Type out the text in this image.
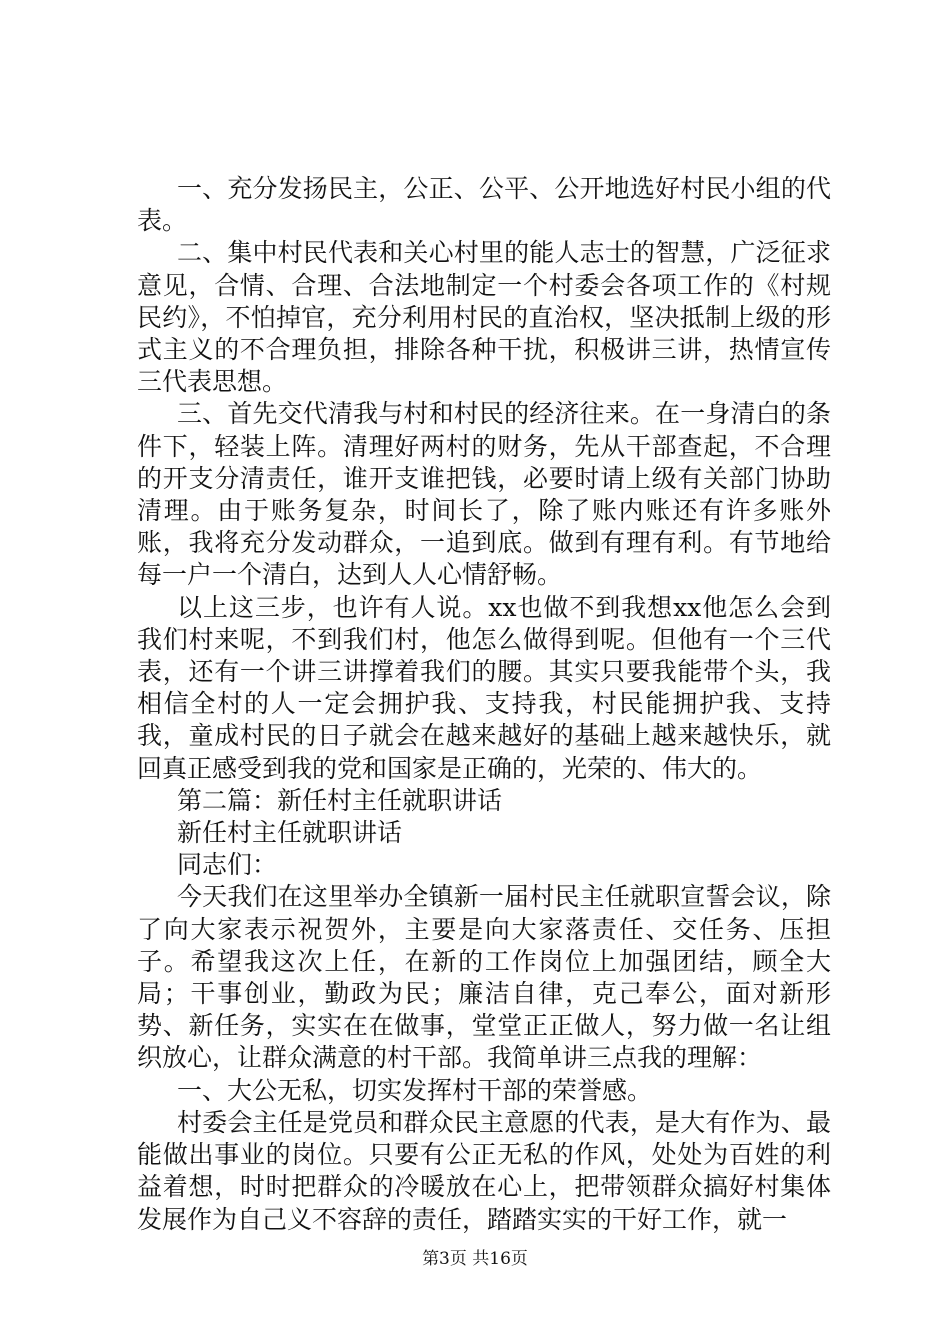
一、充分发扬民主，公正、公平、公开地选好村民小组的代表。

二、集中村民代表和关心村里的能人志士的智慧，广泛征求意见，合情、合理、合法地制定一个村委会各项工作的《村规民约》，不怕掉官，充分利用村民的直治权，坚决抵制上级的形式主义的不合理负担，排除各种干扰，积极讲三讲，热情宣传三代表思想。

三、首先交代清我与村和村民的经济往来。在一身清白的条件下，轻装上阵。清理好两村的财务，先从干部查起，不合理的开支分清责任，谁开支谁把钱，必要时请上级有关部门协助清理。由于账务复杂，时间长了，除了账内账还有许多账外账，我将充分发动群众，一追到底。做到有理有利。有节地给每一户一个清白，达到人人心情舒畅。

以上这三步，也许有人说。xx也做不到我想xx他怎么会到我们村来呢，不到我们村，他怎么做得到呢。但他有一个三代表，还有一个讲三讲撑着我们的腰。其实只要我能带个头，我相信全村的人一定会拥护我、支持我，村民能拥护我、支持我，童成村民的日子就会在越来越好的基础上越来越快乐，就回真正感受到我的党和国家是正确的，光荣的、伟大的。

第二篇：新任村主任就职讲话

新任村主任就职讲话

同志们：

今天我们在这里举办全镇新一届村民主任就职宣誓会议，除了向大家表示祝贺外，主要是向大家落责任、交任务、压担子。希望我这次上任，在新的工作岗位上加强团结，顾全大局；干事创业，勤政为民；廉洁自律，克己奉公，面对新形势、新任务，实实在在做事，堂堂正正做人，努力做一名让组织放心，让群众满意的村干部。我简单讲三点我的理解：

一、大公无私，切实发挥村干部的荣誉感。

村委会主任是党员和群众民主意愿的代表，是大有作为、最能做出事业的岗位。只要有公正无私的作风，处处为百姓的利益着想，时时把群众的冷暖放在心上，把带领群众搞好村集体发展作为自己义不容辞的责任，踏踏实实的干好工作，就一

第3页 共16页
